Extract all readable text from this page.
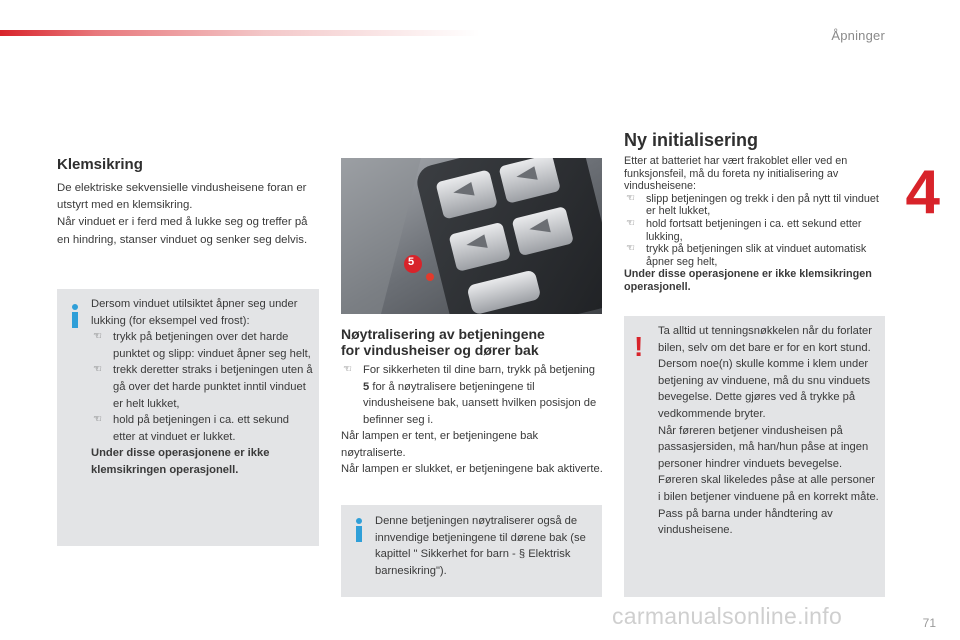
Åpninger
4
Klemsikring
De elektriske sekvensielle vindusheisene foran er utstyrt med en klemsikring.
Når vinduet er i ferd med å lukke seg og treffer på en hindring, stanser vinduet og senker seg delvis.
Dersom vinduet utilsiktet åpner seg under lukking (for eksempel ved frost):
☜ trykk på betjeningen over det harde punktet og slipp: vinduet åpner seg helt,
☜ trekk deretter straks i betjeningen uten å gå over det harde punktet inntil vinduet er helt lukket,
☜ hold på betjeningen i ca. ett sekund etter at vinduet er lukket.
Under disse operasjonene er ikke klemsikringen operasjonell.
5
Nøytralisering av betjeningene
for vindusheiser og dører bak
☜ For sikkerheten til dine barn, trykk på betjening 5 for å nøytralisere betjeningene til vindusheisene bak, uansett hvilken posisjon de befinner seg i.
Når lampen er tent, er betjeningene bak nøytraliserte.
Når lampen er slukket, er betjeningene bak aktiverte.
Denne betjeningen nøytraliserer også de innvendige betjeningene til dørene bak (se kapittel " Sikkerhet for barn - § Elektrisk barnesikring").
Ny initialisering
Etter at batteriet har vært frakoblet eller ved en funksjonsfeil, må du foreta ny initialisering av vindusheisene:
☜ slipp betjeningen og trekk i den på nytt til vinduet er helt lukket,
☜ hold fortsatt betjeningen i ca. ett sekund etter lukking,
☜ trykk på betjeningen slik at vinduet automatisk åpner seg helt,
Under disse operasjonene er ikke klemsikringen operasjonell.
! Ta alltid ut tenningsnøkkelen når du forlater bilen, selv om det bare er for en kort stund.
Dersom noe(n) skulle komme i klem under betjening av vinduene, må du snu vinduets bevegelse. Dette gjøres ved å trykke på vedkommende bryter.
Når føreren betjener vindusheisen på passasjersiden, må han/hun påse at ingen personer hindrer vinduets bevegelse.
Føreren skal likeledes påse at alle personer i bilen betjener vinduene på en korrekt måte.
Pass på barna under håndtering av vindusheisene.
71
carmanualsonline.info
